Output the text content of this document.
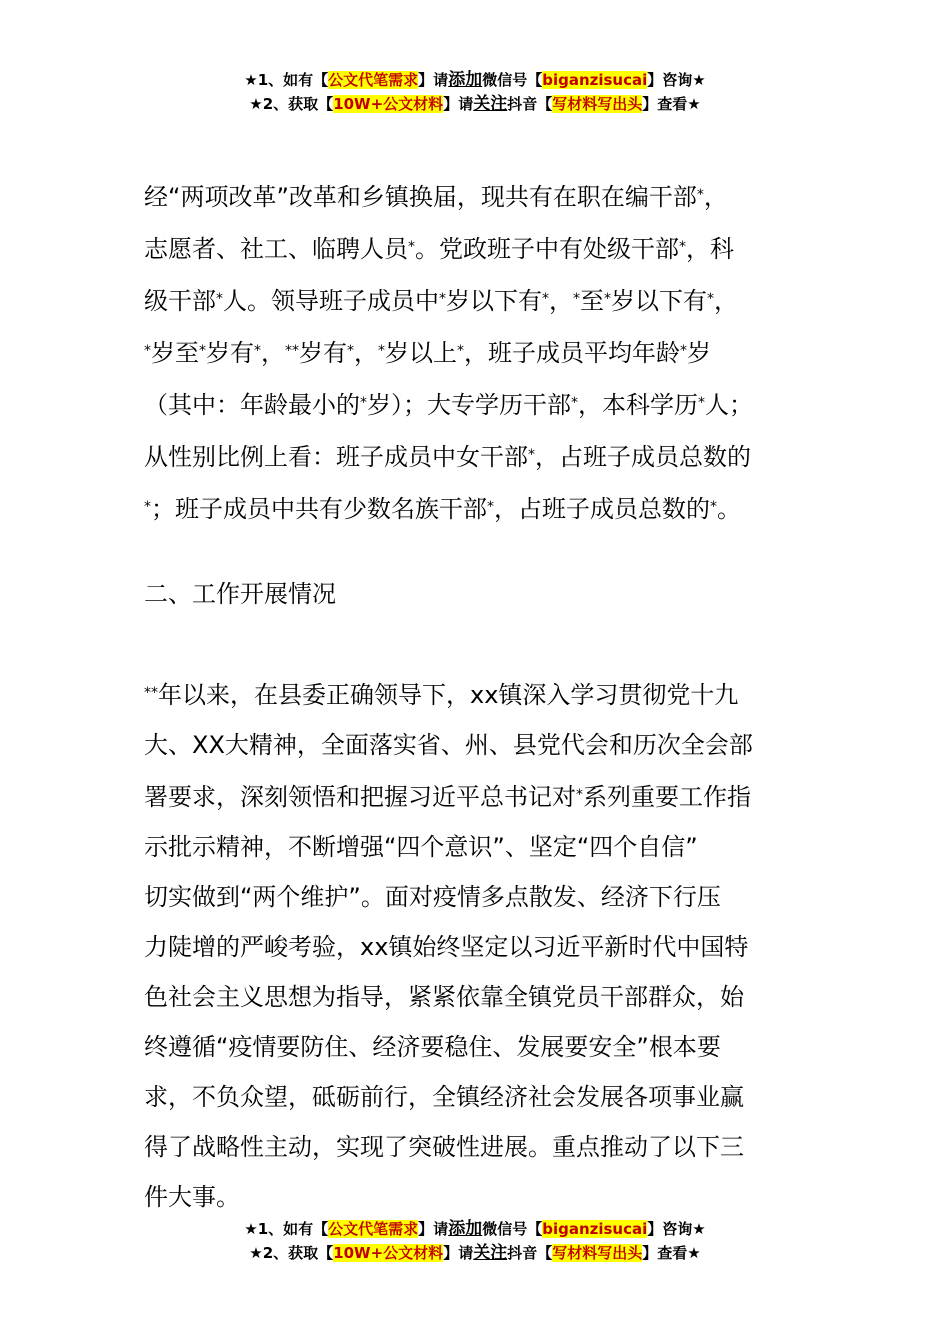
★1、如有【公文代笔需求】请添加微信号【biganzisucai】咨询★
★2、获取【10W+公文材料】请关注抖音【写材料写出头】查看★

经“两项改革”改革和乡镇换届，现共有在职在编干部*，
志愿者、社工、临聘人员*。党政班子中有处级干部*，科
级干部*人。领导班子成员中*岁以下有*，*至*岁以下有*，
*岁至*岁有*，**岁有*，*岁以上*，班子成员平均年龄*岁
（其中：年龄最小的*岁）；大专学历干部*，本科学历*人；
从性别比例上看：班子成员中女干部*，占班子成员总数的
*；班子成员中共有少数名族干部*，占班子成员总数的*。

二、工作开展情况

**年以来，在县委正确领导下，xx镇深入学习贯彻党十九
大、XX大精神，全面落实省、州、县党代会和历次全会部
署要求，深刻领悟和把握习近平总书记对*系列重要工作指
示批示精神，不断增强“四个意识”、坚定“四个自信”
切实做到“两个维护”。面对疫情多点散发、经济下行压
力陡增的严峻考验，xx镇始终坚定以习近平新时代中国特
色社会主义思想为指导，紧紧依靠全镇党员干部群众，始
终遵循“疫情要防住、经济要稳住、发展要安全”根本要
求，不负众望，砥砺前行，全镇经济社会发展各项事业赢
得了战略性主动，实现了突破性进展。重点推动了以下三
件大事。

★1、如有【公文代笔需求】请添加微信号【biganzisucai】咨询★
★2、获取【10W+公文材料】请关注抖音【写材料写出头】查看★
